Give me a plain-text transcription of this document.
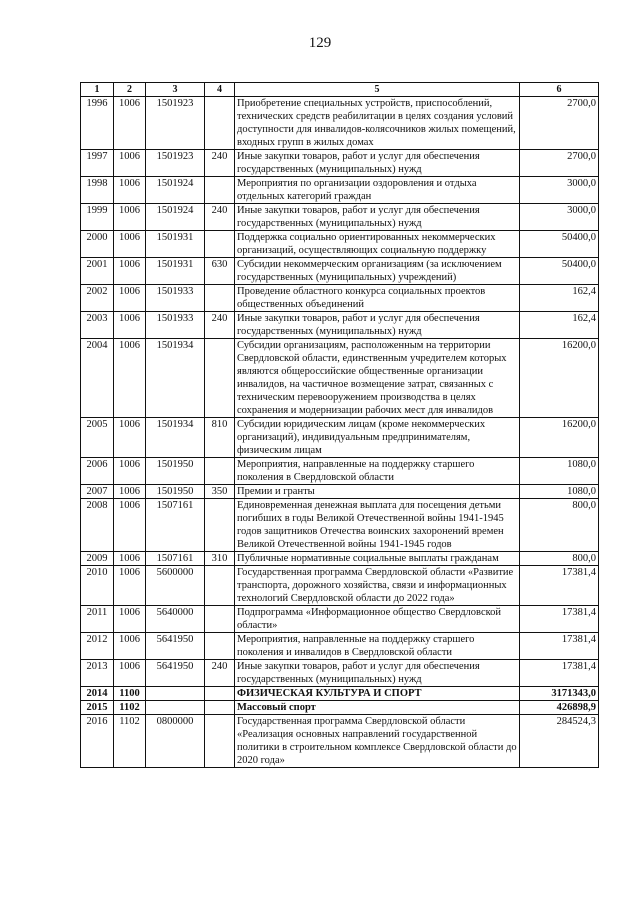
129
1	2	3	4	5	6
1996	1006	1501923		Приобретение специальных устройств, приспособлений, технических средств реабилитации в целях создания условий доступности для инвалидов-колясочников жилых помещений, входных групп в жилых домах	2700,0
1997	1006	1501923	240	Иные закупки товаров, работ и услуг для обеспечения государственных (муниципальных) нужд	2700,0
1998	1006	1501924		Мероприятия по организации оздоровления и отдыха отдельных категорий граждан	3000,0
1999	1006	1501924	240	Иные закупки товаров, работ и услуг для обеспечения государственных (муниципальных) нужд	3000,0
2000	1006	1501931		Поддержка социально ориентированных некоммерческих организаций, осуществляющих социальную поддержку	50400,0
2001	1006	1501931	630	Субсидии некоммерческим организациям (за исключением государственных (муниципальных) учреждений)	50400,0
2002	1006	1501933		Проведение областного конкурса социальных проектов общественных объединений	162,4
2003	1006	1501933	240	Иные закупки товаров, работ и услуг для обеспечения государственных (муниципальных) нужд	162,4
2004	1006	1501934		Субсидии организациям, расположенным на территории Свердловской области, единственным учредителем которых являются общероссийские общественные организации инвалидов, на частичное возмещение затрат, связанных с техническим перевооружением производства в целях сохранения и модернизации рабочих мест для инвалидов	16200,0
2005	1006	1501934	810	Субсидии юридическим лицам (кроме некоммерческих организаций), индивидуальным предпринимателям, физическим лицам	16200,0
2006	1006	1501950		Мероприятия, направленные на поддержку старшего поколения в Свердловской области	1080,0
2007	1006	1501950	350	Премии и гранты	1080,0
2008	1006	1507161		Единовременная денежная выплата для посещения детьми погибших в годы Великой Отечественной войны 1941-1945 годов защитников Отечества воинских захоронений времен Великой Отечественной войны 1941-1945 годов	800,0
2009	1006	1507161	310	Публичные нормативные социальные выплаты гражданам	800,0
2010	1006	5600000		Государственная программа Свердловской области «Развитие транспорта, дорожного хозяйства, связи и информационных технологий Свердловской области до 2022 года»	17381,4
2011	1006	5640000		Подпрограмма «Информационное общество Свердловской области»	17381,4
2012	1006	5641950		Мероприятия, направленные на поддержку старшего поколения и инвалидов в Свердловской области	17381,4
2013	1006	5641950	240	Иные закупки товаров, работ и услуг для обеспечения государственных (муниципальных) нужд	17381,4
2014	1100			ФИЗИЧЕСКАЯ КУЛЬТУРА И СПОРТ	3171343,0
2015	1102			Массовый спорт	426898,9
2016	1102	0800000		Государственная программа Свердловской области «Реализация основных направлений государственной политики в строительном комплексе Свердловской области до 2020 года»	284524,3
